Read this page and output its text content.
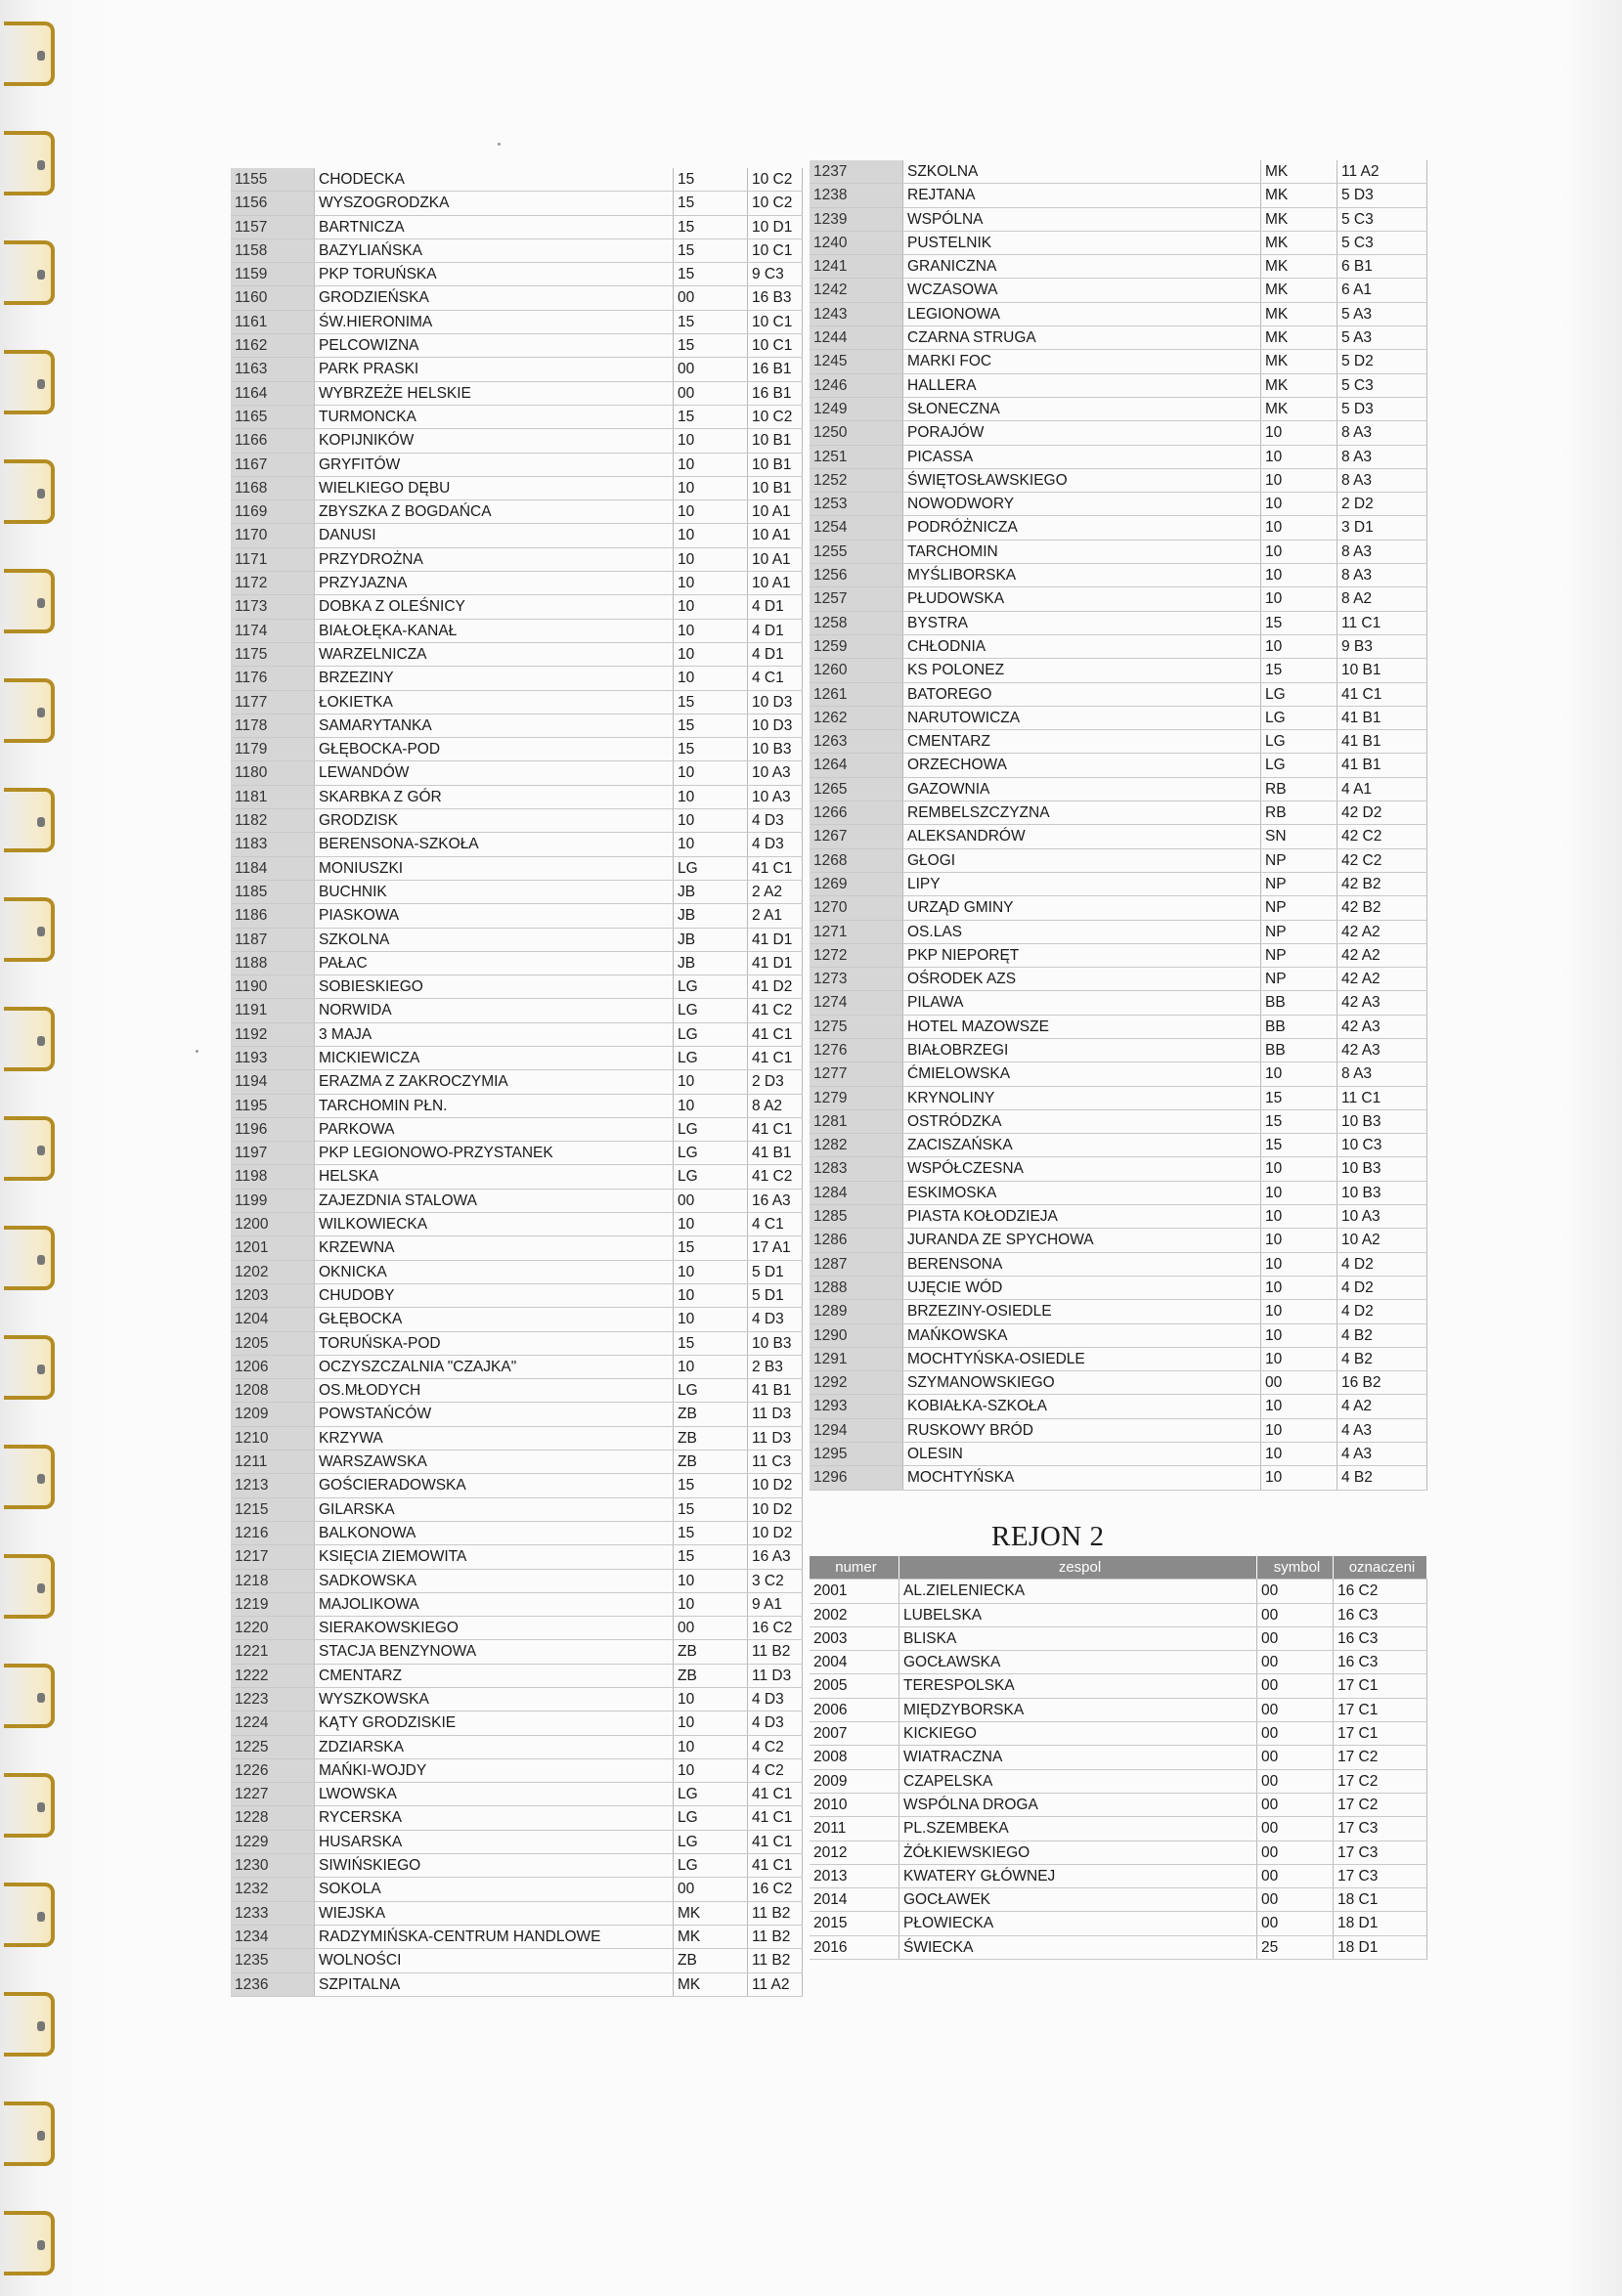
1155	CHODECKA	15	10 C2
1156	WYSZOGRODZKA	15	10 C2
1157	BARTNICZA	15	10 D1
1158	BAZYLIAŃSKA	15	10 C1
1159	PKP TORUŃSKA	15	9 C3
1160	GRODZIEŃSKA	00	16 B3
1161	ŚW.HIERONIMA	15	10 C1
1162	PELCOWIZNA	15	10 C1
1163	PARK PRASKI	00	16 B1
1164	WYBRZEŻE HELSKIE	00	16 B1
1165	TURMONCKA	15	10 C2
1166	KOPIJNIKÓW	10	10 B1
1167	GRYFITÓW	10	10 B1
1168	WIELKIEGO DĘBU	10	10 B1
1169	ZBYSZKA Z BOGDAŃCA	10	10 A1
1170	DANUSI	10	10 A1
1171	PRZYDROŻNA	10	10 A1
1172	PRZYJAZNA	10	10 A1
1173	DOBKA Z OLEŚNICY	10	4 D1
1174	BIAŁOŁĘKA-KANAŁ	10	4 D1
1175	WARZELNICZA	10	4 D1
1176	BRZEZINY	10	4 C1
1177	ŁOKIETKA	15	10 D3
1178	SAMARYTANKA	15	10 D3
1179	GŁĘBOCKA-POD	15	10 B3
1180	LEWANDÓW	10	10 A3
1181	SKARBKA Z GÓR	10	10 A3
1182	GRODZISK	10	4 D3
1183	BERENSONA-SZKOŁA	10	4 D3
1184	MONIUSZKI	LG	41 C1
1185	BUCHNIK	JB	2 A2
1186	PIASKOWA	JB	2 A1
1187	SZKOLNA	JB	41 D1
1188	PAŁAC	JB	41 D1
1190	SOBIESKIEGO	LG	41 D2
1191	NORWIDA	LG	41 C2
1192	3 MAJA	LG	41 C1
1193	MICKIEWICZA	LG	41 C1
1194	ERAZMA Z ZAKROCZYMIA	10	2 D3
1195	TARCHOMIN PŁN.	10	8 A2
1196	PARKOWA	LG	41 C1
1197	PKP LEGIONOWO-PRZYSTANEK	LG	41 B1
1198	HELSKA	LG	41 C2
1199	ZAJEZDNIA STALOWA	00	16 A3
1200	WILKOWIECKA	10	4 C1
1201	KRZEWNA	15	17 A1
1202	OKNICKA	10	5 D1
1203	CHUDOBY	10	5 D1
1204	GŁĘBOCKA	10	4 D3
1205	TORUŃSKA-POD	15	10 B3
1206	OCZYSZCZALNIA "CZAJKA"	10	2 B3
1208	OS.MŁODYCH	LG	41 B1
1209	POWSTAŃCÓW	ZB	11 D3
1210	KRZYWA	ZB	11 D3
1211	WARSZAWSKA	ZB	11 C3
1213	GOŚCIERADOWSKA	15	10 D2
1215	GILARSKA	15	10 D2
1216	BALKONOWA	15	10 D2
1217	KSIĘCIA ZIEMOWITA	15	16 A3
1218	SADKOWSKA	10	3 C2
1219	MAJOLIKOWA	10	9 A1
1220	SIERAKOWSKIEGO	00	16 C2
1221	STACJA BENZYNOWA	ZB	11 B2
1222	CMENTARZ	ZB	11 D3
1223	WYSZKOWSKA	10	4 D3
1224	KĄTY GRODZISKIE	10	4 D3
1225	ZDZIARSKA	10	4 C2
1226	MAŃKI-WOJDY	10	4 C2
1227	LWOWSKA	LG	41 C1
1228	RYCERSKA	LG	41 C1
1229	HUSARSKA	LG	41 C1
1230	SIWIŃSKIEGO	LG	41 C1
1232	SOKOLA	00	16 C2
1233	WIEJSKA	MK	11 B2
1234	RADZYMIŃSKA-CENTRUM HANDLOWE	MK	11 B2
1235	WOLNOŚCI	ZB	11 B2
1236	SZPITALNA	MK	11 A2
1237	SZKOLNA	MK	11 A2
1238	REJTANA	MK	5 D3
1239	WSPÓLNA	MK	5 C3
1240	PUSTELNIK	MK	5 C3
1241	GRANICZNA	MK	6 B1
1242	WCZASOWA	MK	6 A1
1243	LEGIONOWA	MK	5 A3
1244	CZARNA STRUGA	MK	5 A3
1245	MARKI FOC	MK	5 D2
1246	HALLERA	MK	5 C3
1249	SŁONECZNA	MK	5 D3
1250	PORAJÓW	10	8 A3
1251	PICASSA	10	8 A3
1252	ŚWIĘTOSŁAWSKIEGO	10	8 A3
1253	NOWODWORY	10	2 D2
1254	PODRÓŻNICZA	10	3 D1
1255	TARCHOMIN	10	8 A3
1256	MYŚLIBORSKA	10	8 A3
1257	PŁUDOWSKA	10	8 A2
1258	BYSTRA	15	11 C1
1259	CHŁODNIA	10	9 B3
1260	KS POLONEZ	15	10 B1
1261	BATOREGO	LG	41 C1
1262	NARUTOWICZA	LG	41 B1
1263	CMENTARZ	LG	41 B1
1264	ORZECHOWA	LG	41 B1
1265	GAZOWNIA	RB	4 A1
1266	REMBELSZCZYZNA	RB	42 D2
1267	ALEKSANDRÓW	SN	42 C2
1268	GŁOGI	NP	42 C2
1269	LIPY	NP	42 B2
1270	URZĄD GMINY	NP	42 B2
1271	OS.LAS	NP	42 A2
1272	PKP NIEPORĘT	NP	42 A2
1273	OŚRODEK AZS	NP	42 A2
1274	PILAWA	BB	42 A3
1275	HOTEL MAZOWSZE	BB	42 A3
1276	BIAŁOBRZEGI	BB	42 A3
1277	ĆMIELOWSKA	10	8 A3
1279	KRYNOLINY	15	11 C1
1281	OSTRÓDZKA	15	10 B3
1282	ZACISZAŃSKA	15	10 C3
1283	WSPÓŁCZESNA	10	10 B3
1284	ESKIMOSKA	10	10 B3
1285	PIASTA KOŁODZIEJA	10	10 A3
1286	JURANDA ZE SPYCHOWA	10	10 A2
1287	BERENSONA	10	4 D2
1288	UJĘCIE WÓD	10	4 D2
1289	BRZEZINY-OSIEDLE	10	4 D2
1290	MAŃKOWSKA	10	4 B2
1291	MOCHTYŃSKA-OSIEDLE	10	4 B2
1292	SZYMANOWSKIEGO	00	16 B2
1293	KOBIAŁKA-SZKOŁA	10	4 A2
1294	RUSKOWY BRÓD	10	4 A3
1295	OLESIN	10	4 A3
1296	MOCHTYŃSKA	10	4 B2
REJON 2
numer	zespol	symbol	oznaczeni
2001	AL.ZIELENIECKA	00	16 C2
2002	LUBELSKA	00	16 C3
2003	BLISKA	00	16 C3
2004	GOCŁAWSKA	00	16 C3
2005	TERESPOLSKA	00	17 C1
2006	MIĘDZYBORSKA	00	17 C1
2007	KICKIEGO	00	17 C1
2008	WIATRACZNA	00	17 C2
2009	CZAPELSKA	00	17 C2
2010	WSPÓLNA DROGA	00	17 C2
2011	PL.SZEMBEKA	00	17 C3
2012	ŻÓŁKIEWSKIEGO	00	17 C3
2013	KWATERY GŁÓWNEJ	00	17 C3
2014	GOCŁAWEK	00	18 C1
2015	PŁOWIECKA	00	18 D1
2016	ŚWIECKA	25	18 D1
